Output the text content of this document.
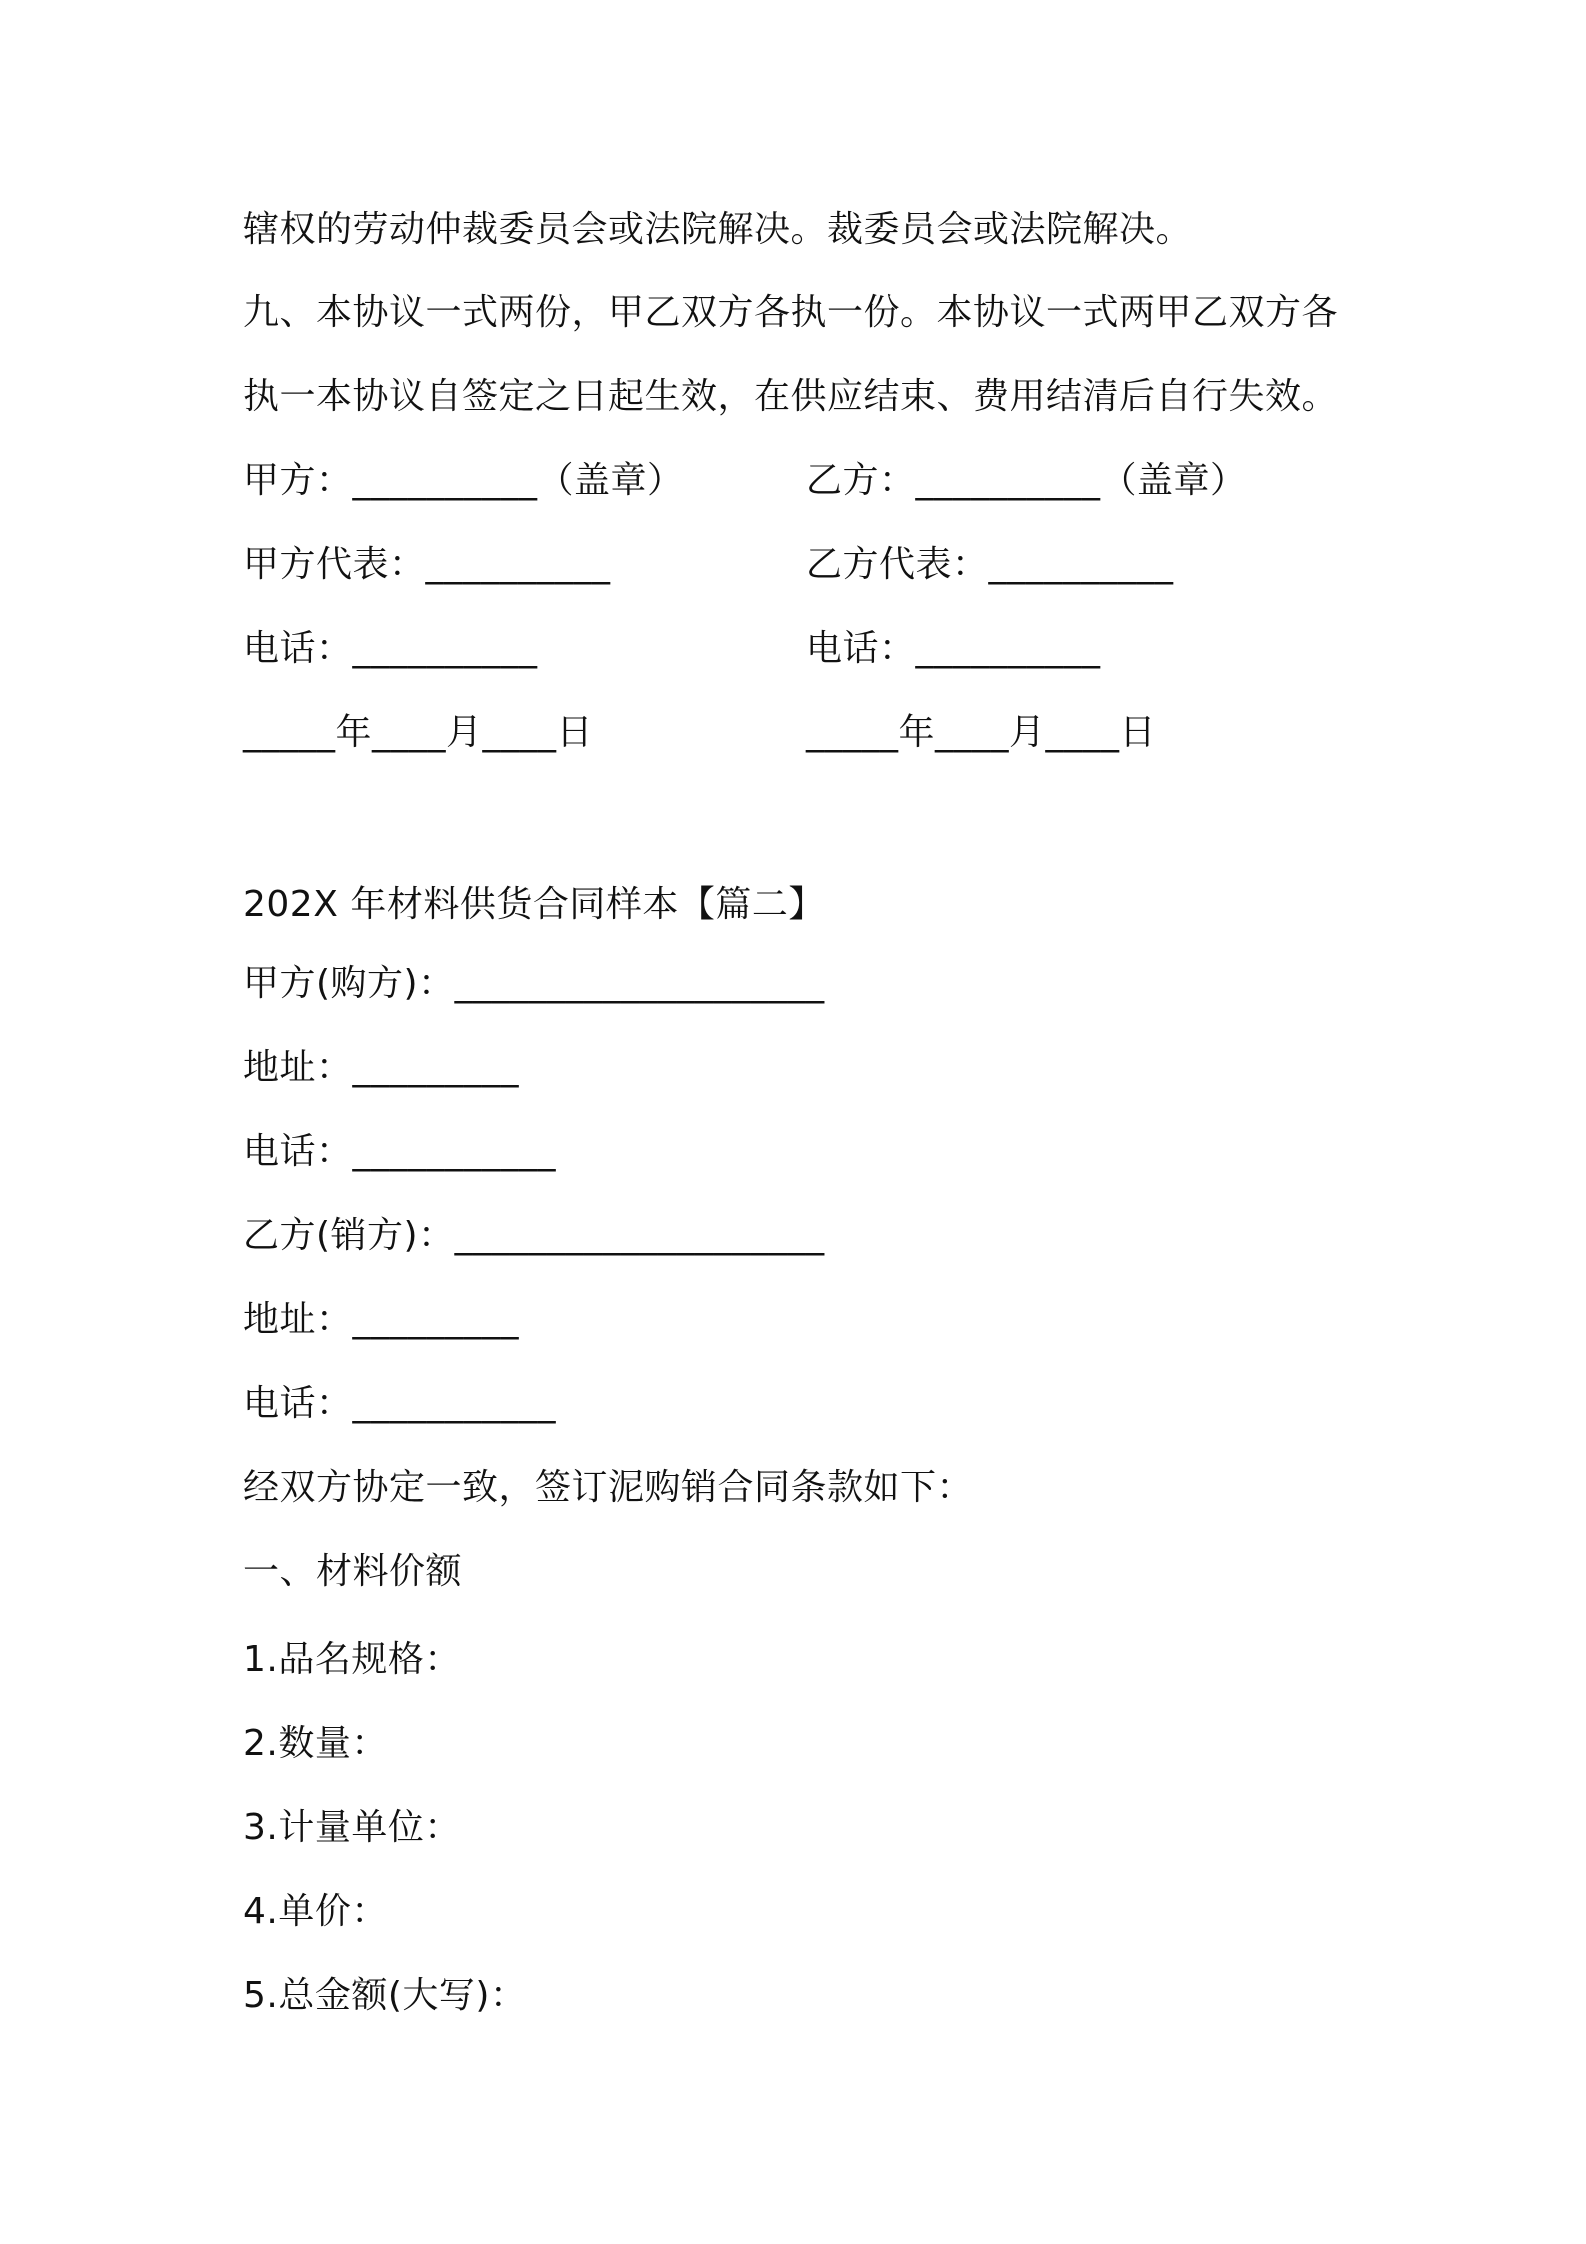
辖权的劳动仲裁委员会或法院解决。裁委员会或法院解决。
九、本协议一式两份，甲乙双方各执一份。本协议一式两甲乙双方各
执一本协议自签定之日起生效，在供应结束、费用结清后自行失效。
甲方：__________（盖章）	乙方：__________（盖章）
甲方代表：__________	乙方代表：__________
电话：__________	电话：__________
_____年____月____日	_____年____月____日
202X 年材料供货合同样本【篇二】
甲方(购方)：____________________
地址：_________
电话：___________
乙方(销方)：____________________
地址：_________
电话：___________
经双方协定一致，签订泥购销合同条款如下：
一、材料价额
1.品名规格：
2.数量：
3.计量单位：
4.单价：
5.总金额(大写)：
